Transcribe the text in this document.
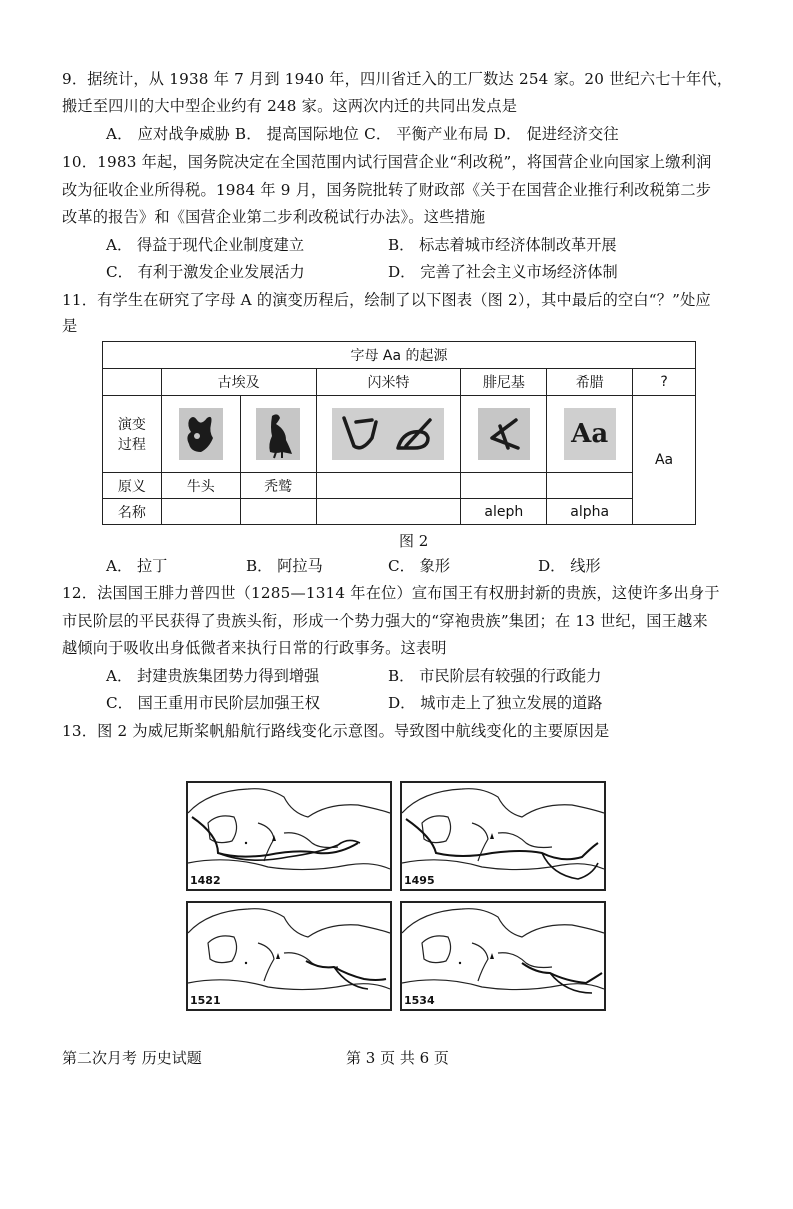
9．据统计，从 1938 年 7 月到 1940 年，四川省迁入的工厂数达 254 家。20 世纪六七十年代，
搬迁至四川的大中型企业约有 248 家。这两次内迁的共同出发点是
A． 应对战争威胁 B． 提高国际地位 C． 平衡产业布局 D． 促进经济交往
10．1983 年起，国务院决定在全国范围内试行国营企业“利改税”，将国营企业向国家上缴利润
改为征收企业所得税。1984 年 9 月，国务院批转了财政部《关于在国营企业推行利改税第二步
改革的报告》和《国营企业第二步利改税试行办法》。这些措施
A． 得益于现代企业制度建立	B． 标志着城市经济体制改革开展
C． 有利于激发企业发展活力	D． 完善了社会主义市场经济体制
11．有学生在研究了字母 A 的演变历程后，绘制了以下图表（图 2），其中最后的空白“？”处应
是
字母 Aa 的起源						
	古埃及		闪米特	腓尼基	希腊	?

演变
过程					Aa	Aa
原义	牛头	秃鹫				
名称				aleph	alpha	
图 2
A． 拉丁	B． 阿拉马	C． 象形	D． 线形
12．法国国王腓力普四世（1285—1314 年在位）宣布国王有权册封新的贵族，这使许多出身于
市民阶层的平民获得了贵族头衔，形成一个势力强大的“穿袍贵族”集团；在 13 世纪，国王越来
越倾向于吸收出身低微者来执行日常的行政事务。这表明
A． 封建贵族集团势力得到增强	B． 市民阶层有较强的行政能力
C． 国王重用市民阶层加强王权	D． 城市走上了独立发展的道路
13．图 2 为威尼斯桨帆船航行路线变化示意图。导致图中航线变化的主要原因是
1482	1495
1521	1534
第二次月考 历史试题	第 3 页 共 6 页
